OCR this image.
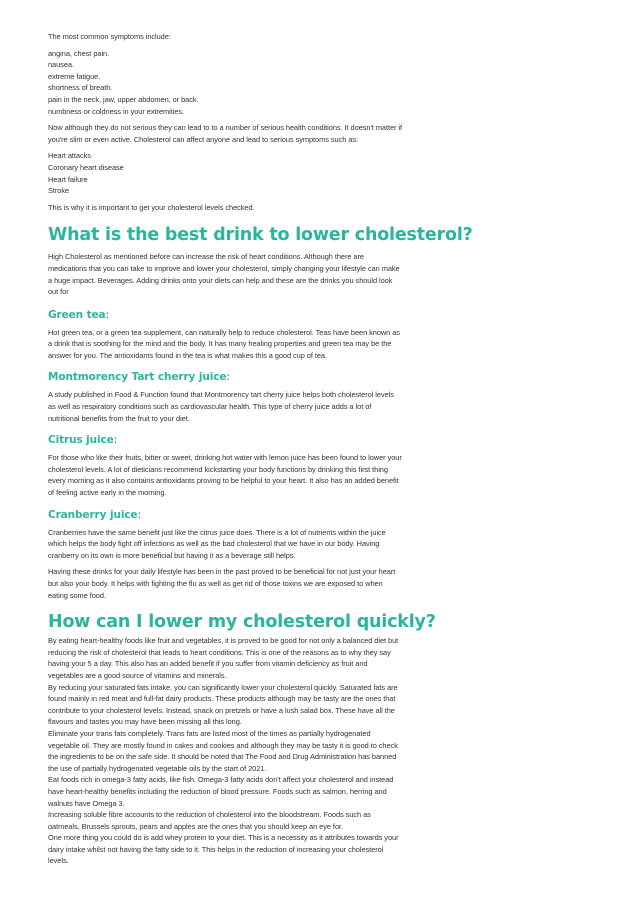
The most common symptoms include:

angina, chest pain.
nausea.
extreme fatigue.
shortness of breath.
pain in the neck, jaw, upper abdomen, or back.
numbness or coldness in your extremities.
Now although they do not serious they can lead to to a number of serious health conditions. It doesn't matter if
you're slim or even active. Cholesterol can affect anyone and lead to serious symptoms such as:
Heart attacks
Coronary heart disease
Heart failure
Stroke

This is why it is important to get your cholesterol levels checked.

What is the best drink to lower cholesterol?
High Cholesterol as mentioned before can increase the risk of heart conditions. Although there are
medications that you can take to improve and lower your cholesterol, simply changing your lifestyle can make
a huge impact. Beverages. Adding drinks onto your diets can help and these are the drinks you should look
out for
Green tea:
Hot green tea, or a green tea supplement, can naturally help to reduce cholesterol. Teas have been known as
a drink that is soothing for the mind and the body. It has many healing properties and green tea may be the
answer for you. The antioxidants found in the tea is what makes this a good cup of tea.
Montmorency Tart cherry juice:
A study published in Food & Function found that Montmorency tart cherry juice helps both cholesterol levels
as well as respiratory conditions such as cardiovascular health. This type of cherry juice adds a lot of
nutritional benefits from the fruit to your diet.
Citrus juice:
For those who like their fruits, bitter or sweet, drinking hot water with lemon juice has been found to lower your
cholesterol levels. A lot of dieticians recommend kickstarting your body functions by drinking this first thing
every morning as it also contains antioxidants proving to be helpful to your heart. It also has an added benefit
of feeling active early in the morning.
Cranberry juice:
Cranberries have the same benefit just like the citrus juice does. There is a lot of nutrients within the juice
which helps the body fight off infections as well as the bad cholesterol that we have in our body. Having
cranberry on its own is more beneficial but having it as a beverage still helps.
Having these drinks for your daily lifestyle has been in the past proved to be beneficial for not just your heart
but also your body. It helps with fighting the flu as well as get rid of those toxins we are exposed to when
eating some food.
How can I lower my cholesterol quickly?
By eating heart-healthy foods like fruit and vegetables, it is proved to be good for not only a balanced diet but
reducing the risk of cholesterol that leads to heart conditions. This is one of the reasons as to why they say
having your 5 a day. This also has an added benefit if you suffer from vitamin deficiency as fruit and
vegetables are a good source of vitamins and minerals.
By reducing your saturated fats intake, you can significantly lower your cholesterol quickly. Saturated fats are
found mainly in red meat and full-fat dairy products. These products although may be tasty are the ones that
contribute to your cholesterol levels. Instead, snack on pretzels or have a lush salad box. These have all the
flavours and tastes you may have been missing all this long.
Eliminate your trans fats completely. Trans fats are listed most of the times as partially hydrogenated
vegetable oil. They are mostly found in cakes and cookies and although they may be tasty it is good to check
the ingredients to be on the safe side. It should be noted that The Food and Drug Administration has banned
the use of partially hydrogenated vegetable oils by the start of 2021.
Eat foods rich in omega-3 fatty acids, like fish. Omega-3 fatty acids don't affect your cholesterol and instead
have heart-healthy benefits including the reduction of blood pressure. Foods such as salmon, herring and
walnuts have Omega 3.
Increasing soluble fibre accounts to the reduction of cholesterol into the bloodstream. Foods such as
oatmeals, Brussels sprouts, pears and apples are the ones that you should keep an eye for.
One more thing you could do is add whey protein to your diet. This is a necessity as it attributes towards your
dairy intake whilst not having the fatty side to it. This helps in the reduction of increasing your cholesterol
levels.
